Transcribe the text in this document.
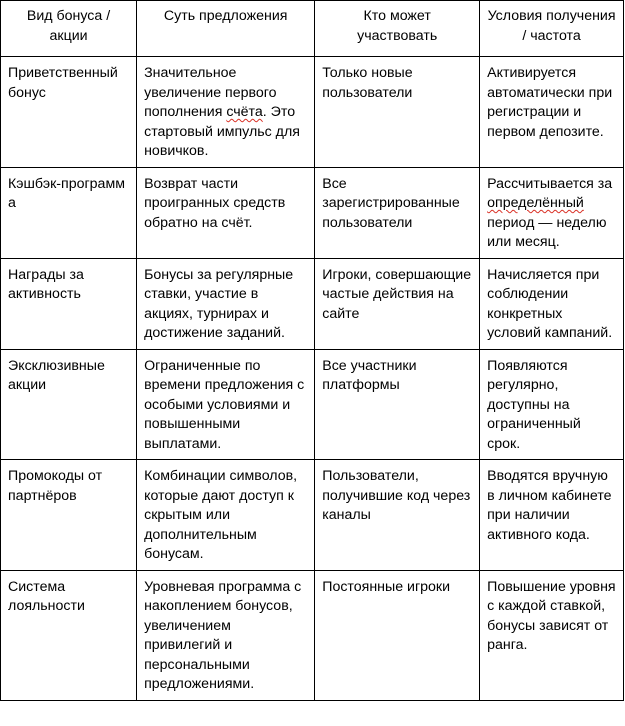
Вид бонуса / акции	Суть предложения	Кто может участвовать	Условия получения / частота
Приветственный бонус	Значительное увеличение первого пополнения счёта. Это стартовый импульс для новичков.	Только новые пользователи	Активируется автоматически при регистрации и первом депозите.
Кэшбэк-программа	Возврат части проигранных средств обратно на счёт.	Все зарегистрированные пользователи	Рассчитывается за определённый период — неделю или месяц.
Награды за активность	Бонусы за регулярные ставки, участие в акциях, турнирах и достижение заданий.	Игроки, совершающие частые действия на сайте	Начисляется при соблюдении конкретных условий кампаний.
Эксклюзивные акции	Ограниченные по времени предложения с особыми условиями и повышенными выплатами.	Все участники платформы	Появляются регулярно, доступны на ограниченный срок.
Промокоды от партнёров	Комбинации символов, которые дают доступ к скрытым или дополнительным бонусам.	Пользователи, получившие код через каналы	Вводятся вручную в личном кабинете при наличии активного кода.
Система лояльности	Уровневая программа с накоплением бонусов, увеличением привилегий и персональными предложениями.	Постоянные игроки	Повышение уровня с каждой ставкой, бонусы зависят от ранга.
